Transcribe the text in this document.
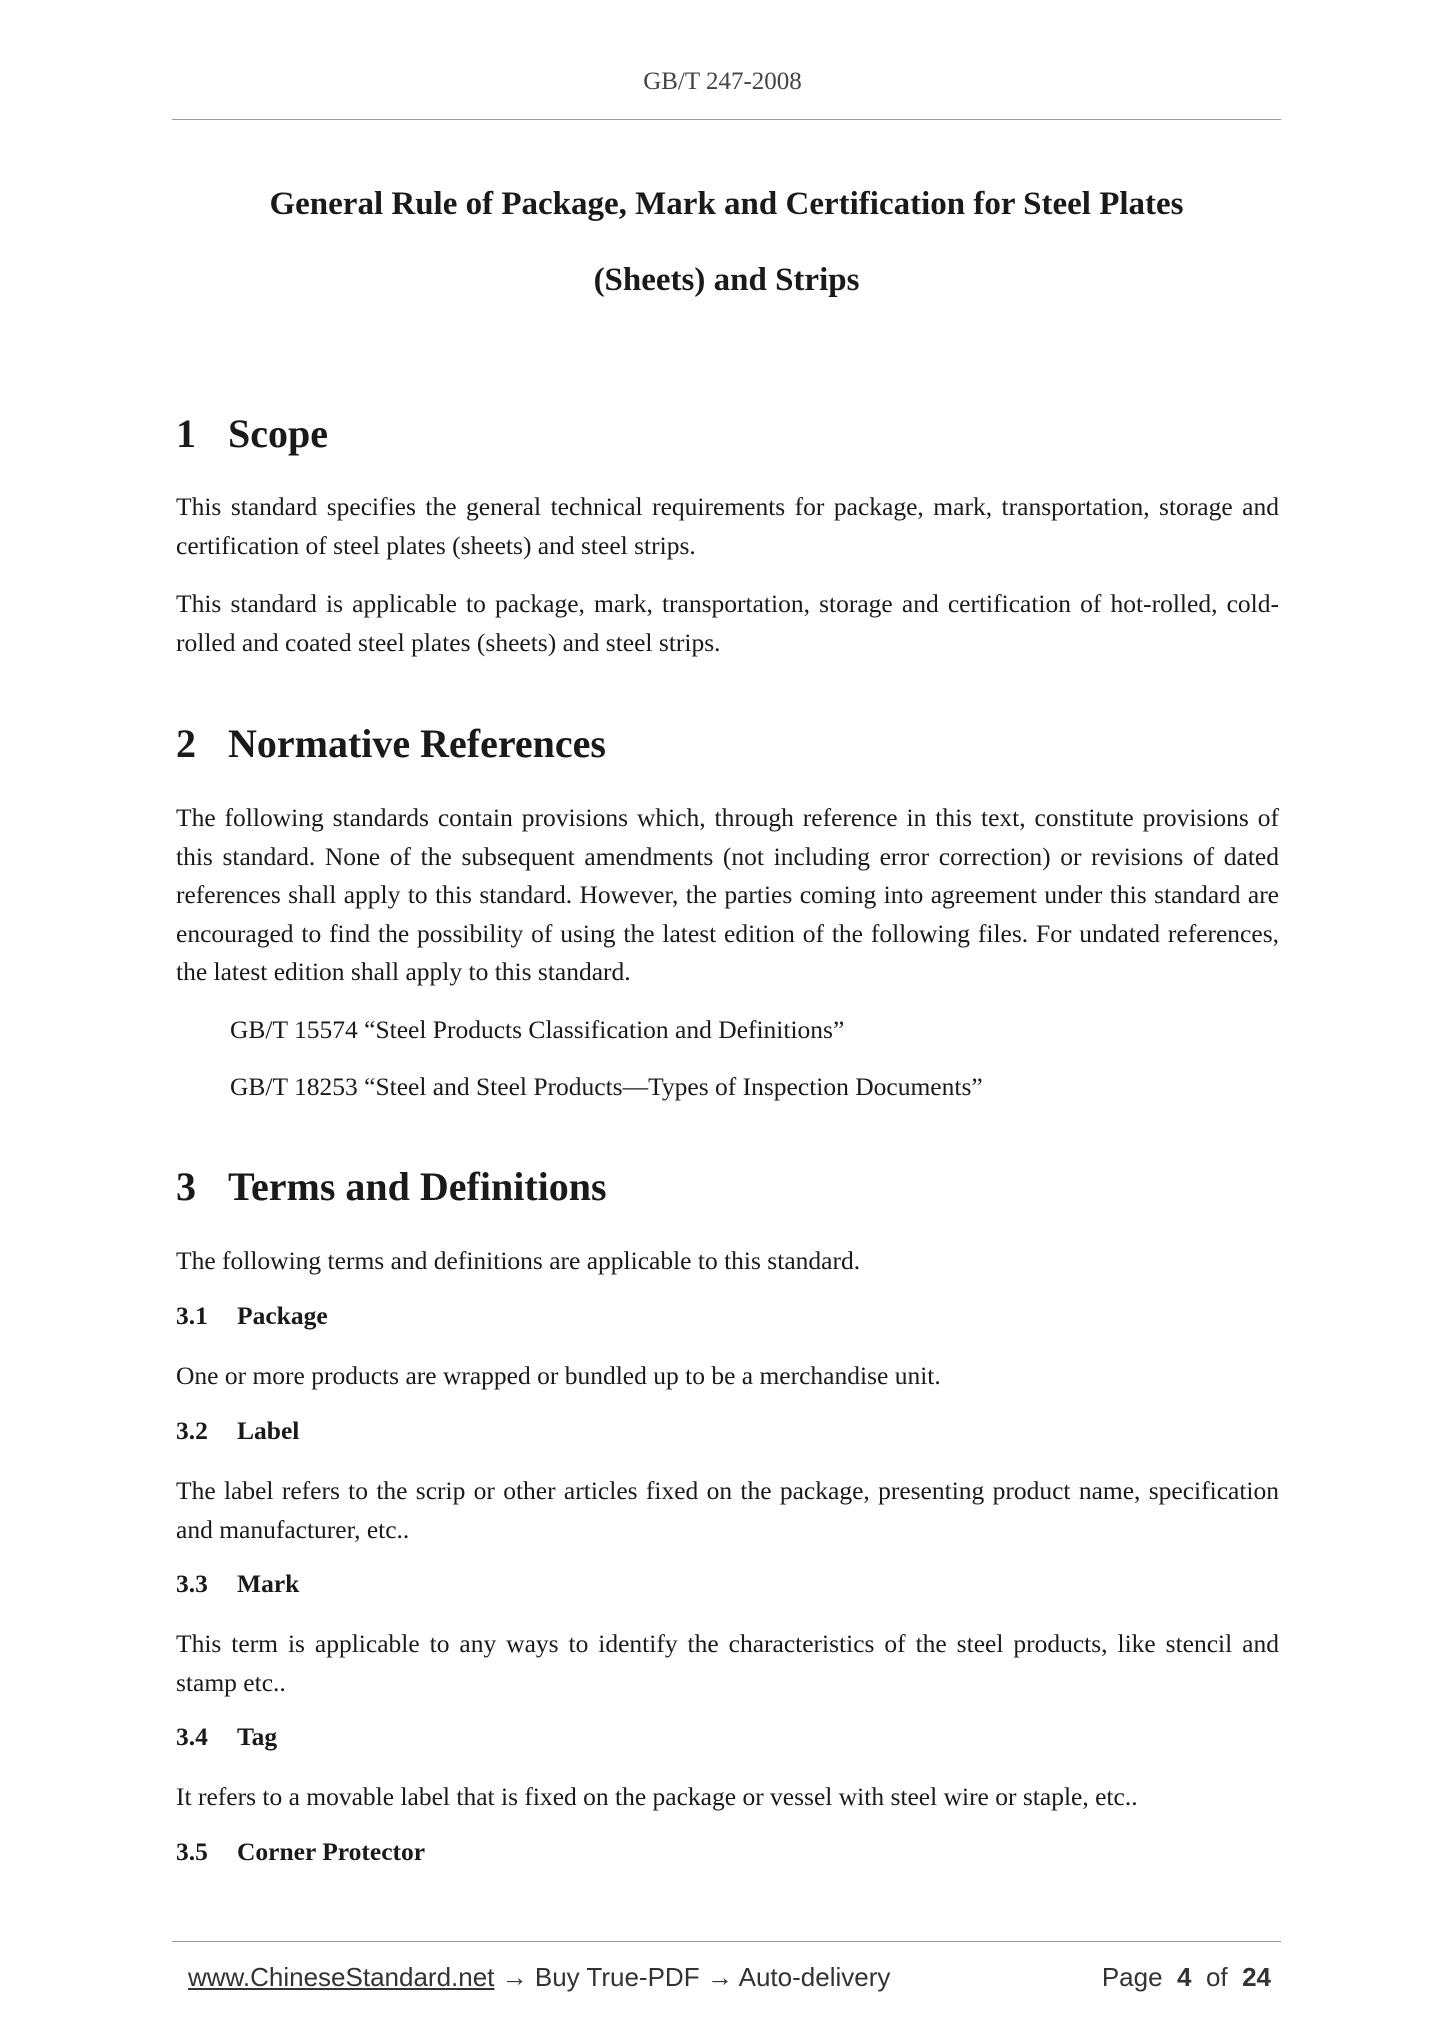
GB/T 247-2008
General Rule of Package, Mark and Certification for Steel Plates
(Sheets) and Strips
1 Scope
This standard specifies the general technical requirements for package, mark, transportation, storage and certification of steel plates (sheets) and steel strips.
This standard is applicable to package, mark, transportation, storage and certification of hot-rolled, cold-rolled and coated steel plates (sheets) and steel strips.
2 Normative References
The following standards contain provisions which, through reference in this text, constitute provisions of this standard. None of the subsequent amendments (not including error correction) or revisions of dated references shall apply to this standard. However, the parties coming into agreement under this standard are encouraged to find the possibility of using the latest edition of the following files. For undated references, the latest edition shall apply to this standard.
GB/T 15574 “Steel Products Classification and Definitions”
GB/T 18253 “Steel and Steel Products—Types of Inspection Documents”
3 Terms and Definitions
The following terms and definitions are applicable to this standard.
3.1 Package
One or more products are wrapped or bundled up to be a merchandise unit.
3.2 Label
The label refers to the scrip or other articles fixed on the package, presenting product name, specification and manufacturer, etc..
3.3 Mark
This term is applicable to any ways to identify the characteristics of the steel products, like stencil and stamp etc..
3.4 Tag
It refers to a movable label that is fixed on the package or vessel with steel wire or staple, etc..
3.5 Corner Protector
www.ChineseStandard.net → Buy True-PDF → Auto-delivery	Page 4 of 24
